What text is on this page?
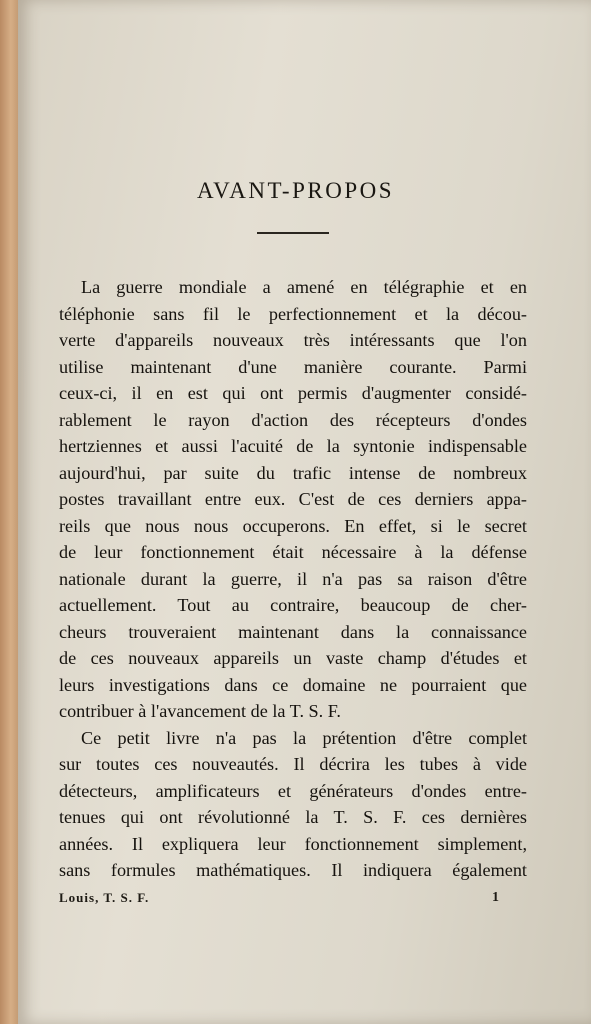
AVANT-PROPOS
La guerre mondiale a amené en télégraphie et en
téléphonie sans fil le perfectionnement et la décou-
verte d'appareils nouveaux très intéressants que l'on
utilise maintenant d'une manière courante. Parmi
ceux-ci, il en est qui ont permis d'augmenter considé-
rablement le rayon d'action des récepteurs d'ondes
hertziennes et aussi l'acuité de la syntonie indispensable
aujourd'hui, par suite du trafic intense de nombreux
postes travaillant entre eux. C'est de ces derniers appa-
reils que nous nous occuperons. En effet, si le secret
de leur fonctionnement était nécessaire à la défense
nationale durant la guerre, il n'a pas sa raison d'être
actuellement. Tout au contraire, beaucoup de cher-
cheurs trouveraient maintenant dans la connaissance
de ces nouveaux appareils un vaste champ d'études et
leurs investigations dans ce domaine ne pourraient que
contribuer à l'avancement de la T. S. F.
Ce petit livre n'a pas la prétention d'être complet
sur toutes ces nouveautés. Il décrira les tubes à vide
détecteurs, amplificateurs et générateurs d'ondes entre-
tenues qui ont révolutionné la T. S. F. ces dernières
années. Il expliquera leur fonctionnement simplement,
sans formules mathématiques. Il indiquera également
Louis, T. S. F.	1
